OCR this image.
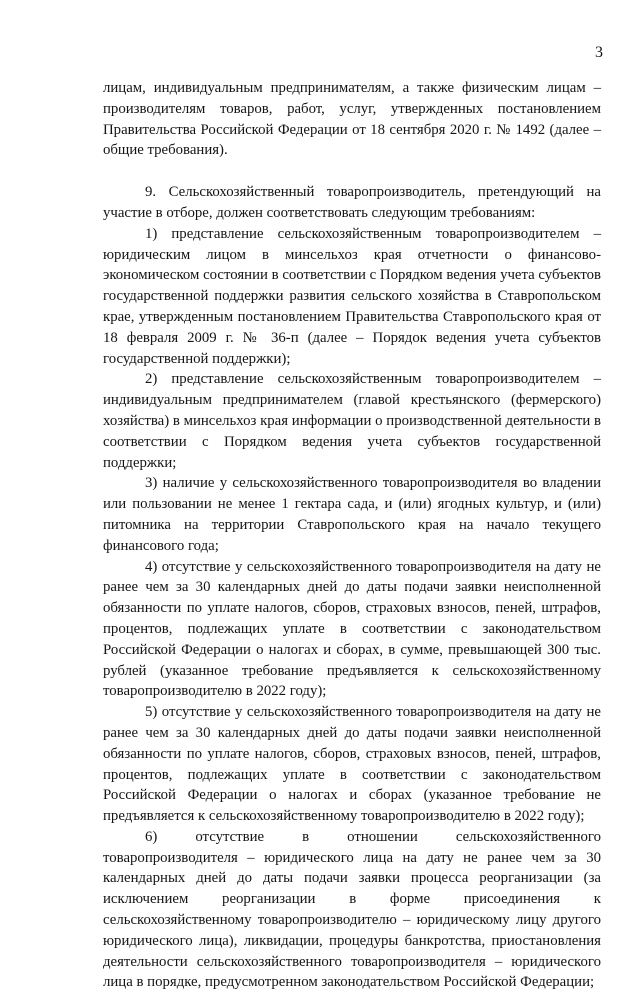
3

лицам, индивидуальным предпринимателям, а также физическим лицам – производителям товаров, работ, услуг, утвержденных постановлением Правительства Российской Федерации от 18 сентября 2020 г. № 1492 (далее – общие требования).

9. Сельскохозяйственный товаропроизводитель, претендующий на участие в отборе, должен соответствовать следующим требованиям:

1) представление сельскохозяйственным товаропроизводителем – юридическим лицом в минсельхоз края отчетности о финансово-экономическом состоянии в соответствии с Порядком ведения учета субъектов государственной поддержки развития сельского хозяйства в Ставропольском крае, утвержденным постановлением Правительства Ставропольского края от 18 февраля 2009 г. № 36-п (далее – Порядок ведения учета субъектов государственной поддержки);

2) представление сельскохозяйственным товаропроизводителем – индивидуальным предпринимателем (главой крестьянского (фермерского) хозяйства) в минсельхоз края информации о производственной деятельности в соответствии с Порядком ведения учета субъектов государственной поддержки;

3) наличие у сельскохозяйственного товаропроизводителя во владении или пользовании не менее 1 гектара сада, и (или) ягодных культур, и (или) питомника на территории Ставропольского края на начало текущего финансового года;

4) отсутствие у сельскохозяйственного товаропроизводителя на дату не ранее чем за 30 календарных дней до даты подачи заявки неисполненной обязанности по уплате налогов, сборов, страховых взносов, пеней, штрафов, процентов, подлежащих уплате в соответствии с законодательством Российской Федерации о налогах и сборах, в сумме, превышающей 300 тыс. рублей (указанное требование предъявляется к сельскохозяйственному товаропроизводителю в 2022 году);

5) отсутствие у сельскохозяйственного товаропроизводителя на дату не ранее чем за 30 календарных дней до даты подачи заявки неисполненной обязанности по уплате налогов, сборов, страховых взносов, пеней, штрафов, процентов, подлежащих уплате в соответствии с законодательством Российской Федерации о налогах и сборах (указанное требование не предъявляется к сельскохозяйственному товаропроизводителю в 2022 году);

6) отсутствие в отношении сельскохозяйственного товаропроизводителя – юридического лица на дату не ранее чем за 30 календарных дней до даты подачи заявки процесса реорганизации (за исключением реорганизации в форме присоединения к сельскохозяйственному товаропроизводителю – юридическому лицу другого юридического лица), ликвидации, процедуры банкротства, приостановления деятельности сельскохозяйственного товаропроизводителя – юридического лица в порядке, предусмотренном законодательством Российской Федерации;
